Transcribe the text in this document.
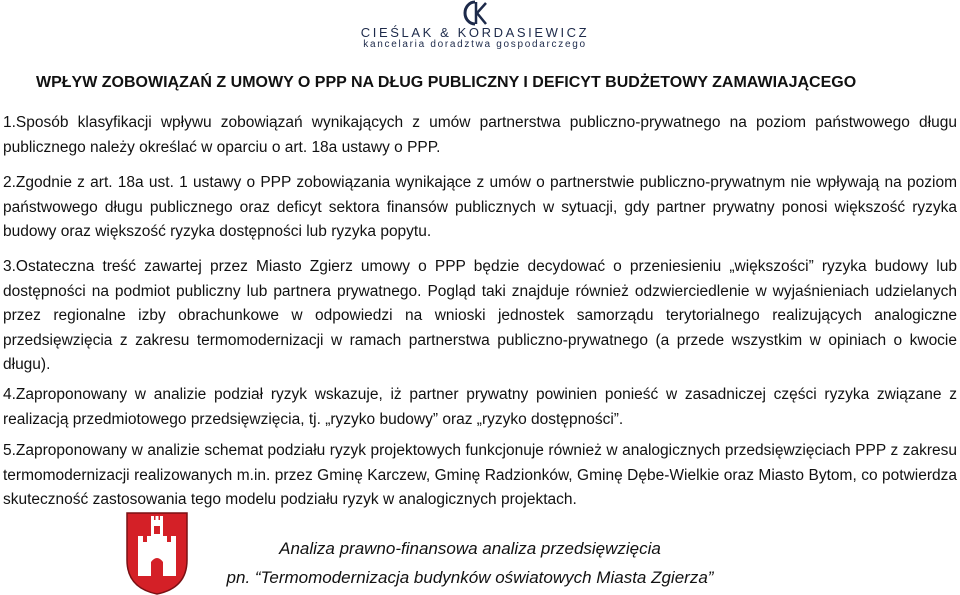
CIEŚLAK & KORDASIEWICZ
kancelaria doradztwa gospodarczego
WPŁYW ZOBOWIĄZAŃ Z UMOWY O PPP NA DŁUG PUBLICZNY I DEFICYT BUDŻETOWY ZAMAWIAJĄCEGO

1.Sposób klasyfikacji wpływu zobowiązań wynikających z umów partnerstwa publiczno-prywatnego na poziom państwowego długu publicznego należy określać w oparciu o art. 18a ustawy o PPP.

2.Zgodnie z art. 18a ust. 1 ustawy o PPP zobowiązania wynikające z umów o partnerstwie publiczno-prywatnym nie wpływają na poziom państwowego długu publicznego oraz deficyt sektora finansów publicznych w sytuacji, gdy partner prywatny ponosi większość ryzyka budowy oraz większość ryzyka dostępności lub ryzyka popytu.

3.Ostateczna treść zawartej przez Miasto Zgierz umowy o PPP będzie decydować o przeniesieniu „większości” ryzyka budowy lub dostępności na podmiot publiczny lub partnera prywatnego. Pogląd taki znajduje również odzwierciedlenie w wyjaśnieniach udzielanych przez regionalne izby obrachunkowe w odpowiedzi na wnioski jednostek samorządu terytorialnego realizujących analogiczne przedsięwzięcia z zakresu termomodernizacji w ramach partnerstwa publiczno-prywatnego (a przede wszystkim w opiniach o kwocie długu).

4.Zaproponowany w analizie podział ryzyk wskazuje, iż partner prywatny powinien ponieść w zasadniczej części ryzyka związane z realizacją przedmiotowego przedsięwzięcia, tj. „ryzyko budowy” oraz „ryzyko dostępności”.

5.Zaproponowany w analizie schemat podziału ryzyk projektowych funkcjonuje również w analogicznych przedsięwzięciach PPP z zakresu termomodernizacji realizowanych m.in. przez Gminę Karczew, Gminę Radzionków, Gminę Dębe-Wielkie oraz Miasto Bytom, co potwierdza skuteczność zastosowania tego modelu podziału ryzyk w analogicznych projektach.

Analiza prawno-finansowa analiza przedsięwzięcia
pn. “Termomodernizacja budynków oświatowych Miasta Zgierza”
